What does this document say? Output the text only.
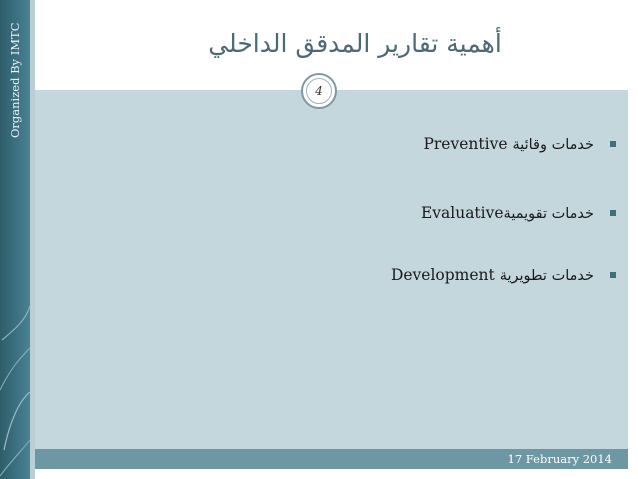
Organized By IMTC	أهمية تقارير المدقق الداخلي
4
خدمات وقائية Preventive
خدمات تقويميةEvaluative
خدمات تطويرية Development
17 February 2014
